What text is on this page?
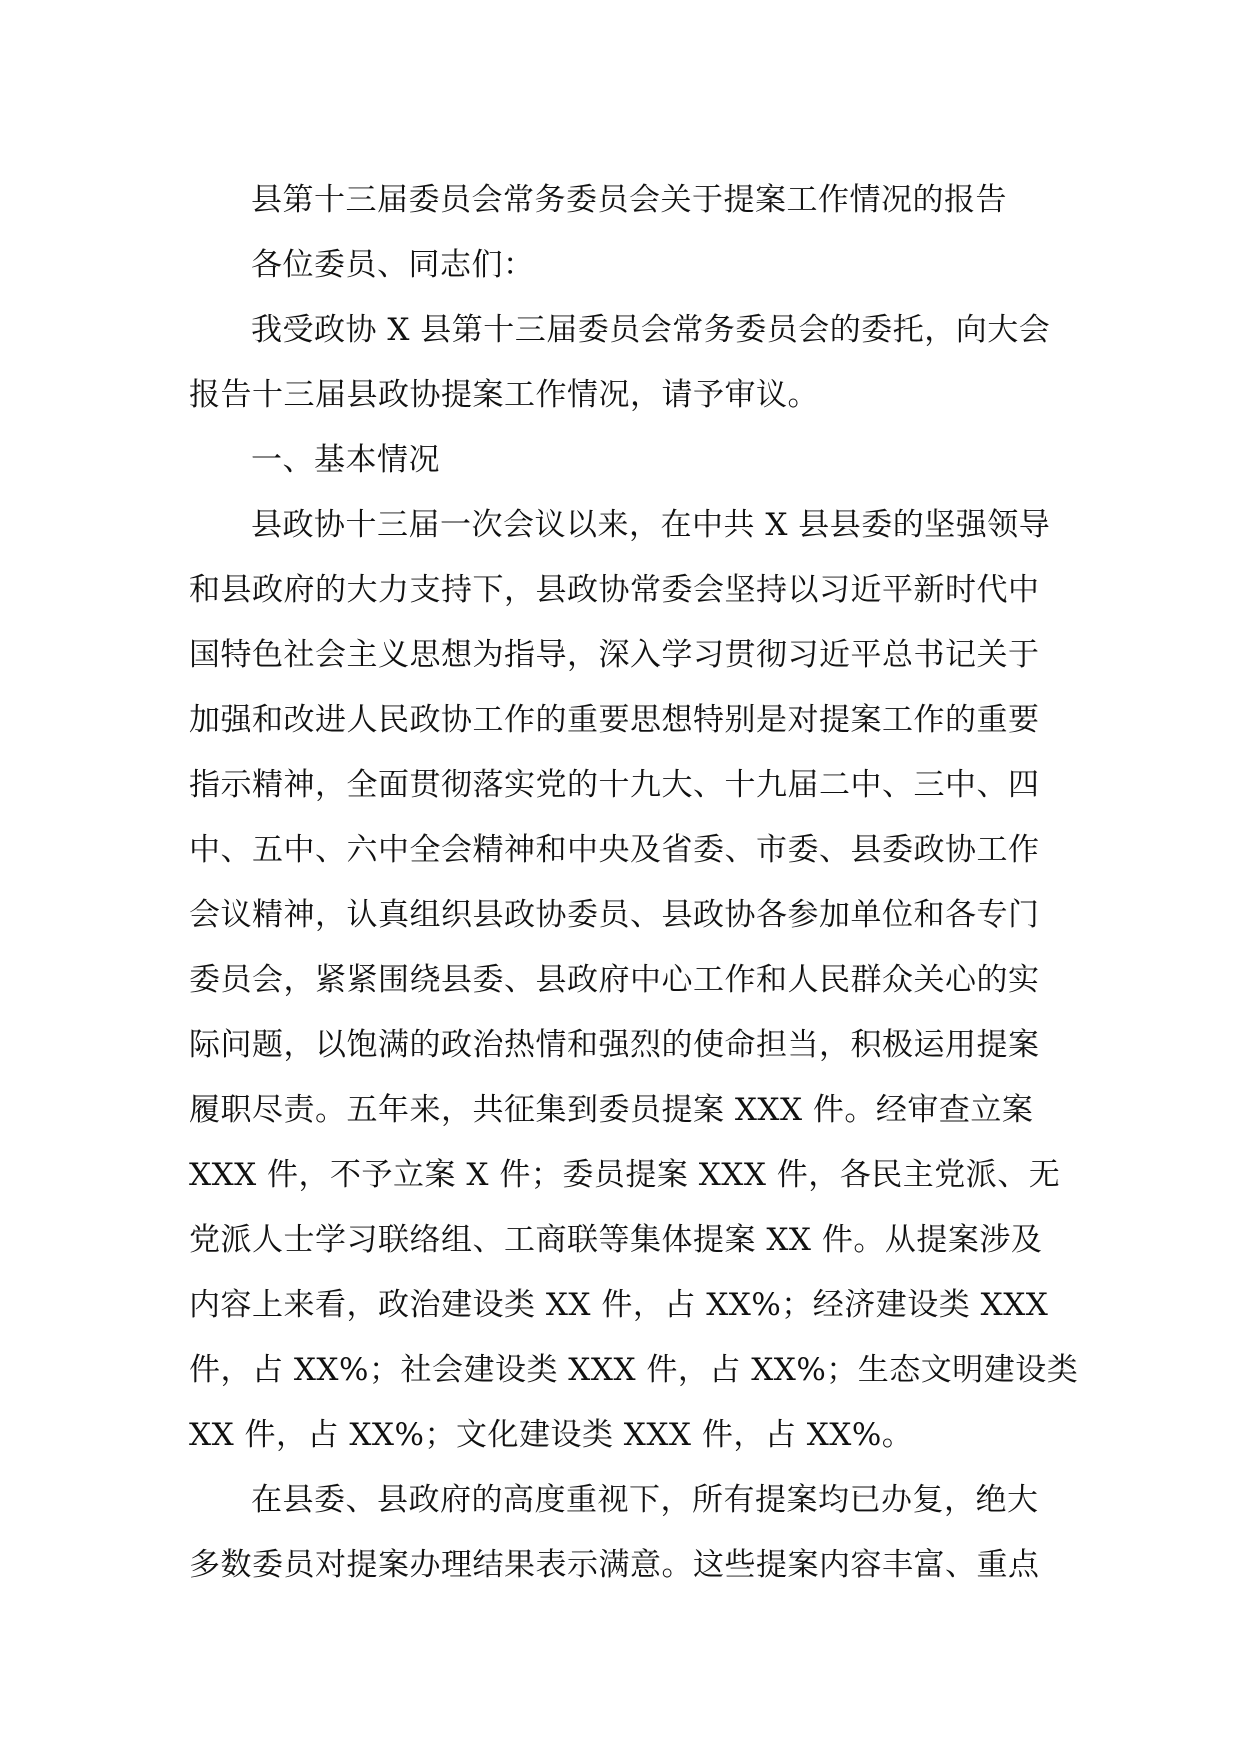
县第十三届委员会常务委员会关于提案工作情况的报告
各位委员、同志们：
我受政协 X 县第十三届委员会常务委员会的委托，向大会
报告十三届县政协提案工作情况，请予审议。
一、基本情况
县政协十三届一次会议以来，在中共 X 县县委的坚强领导
和县政府的大力支持下，县政协常委会坚持以习近平新时代中
国特色社会主义思想为指导，深入学习贯彻习近平总书记关于
加强和改进人民政协工作的重要思想特别是对提案工作的重要
指示精神，全面贯彻落实党的十九大、十九届二中、三中、四
中、五中、六中全会精神和中央及省委、市委、县委政协工作
会议精神，认真组织县政协委员、县政协各参加单位和各专门
委员会，紧紧围绕县委、县政府中心工作和人民群众关心的实
际问题，以饱满的政治热情和强烈的使命担当，积极运用提案
履职尽责。五年来，共征集到委员提案 XXX 件。经审查立案
XXX 件，不予立案 X 件；委员提案 XXX 件，各民主党派、无
党派人士学习联络组、工商联等集体提案 XX 件。从提案涉及
内容上来看，政治建设类 XX 件，占 XX%；经济建设类 XXX
件，占 XX%；社会建设类 XXX 件，占 XX%；生态文明建设类
XX 件，占 XX%；文化建设类 XXX 件，占 XX%。
在县委、县政府的高度重视下，所有提案均已办复，绝大
多数委员对提案办理结果表示满意。这些提案内容丰富、重点
